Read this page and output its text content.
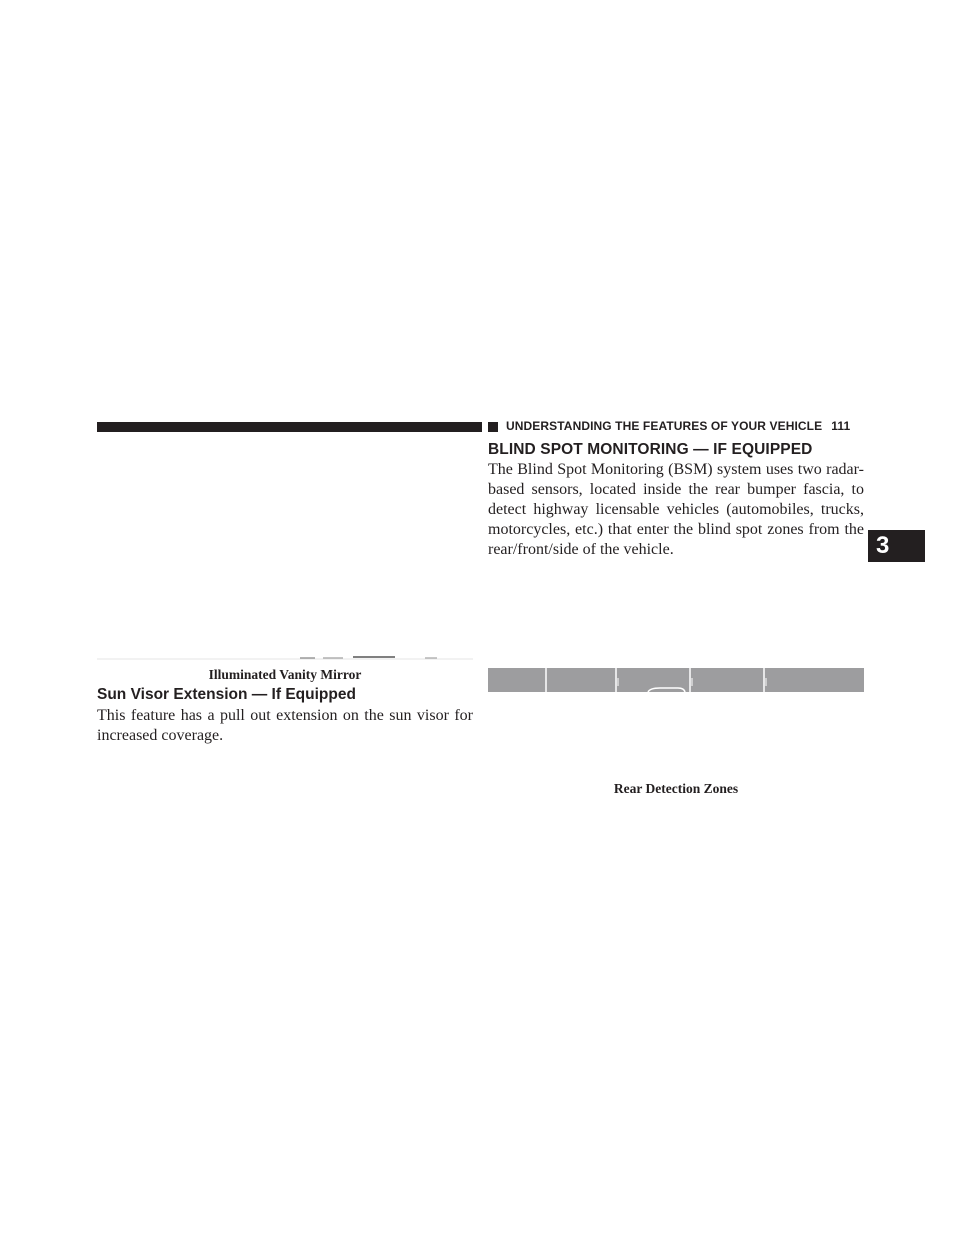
UNDERSTANDING THE FEATURES OF YOUR VEHICLE 111
3
Illuminated Vanity Mirror
Sun Visor Extension — If Equipped
This feature has a pull out extension on the sun visor for increased coverage.
BLIND SPOT MONITORING — IF EQUIPPED
The Blind Spot Monitoring (BSM) system uses two radar-based sensors, located inside the rear bumper fascia, to detect highway licensable vehicles (automobiles, trucks, motorcycles, etc.) that enter the blind spot zones from the rear/front/side of the vehicle.
Rear Detection Zones
